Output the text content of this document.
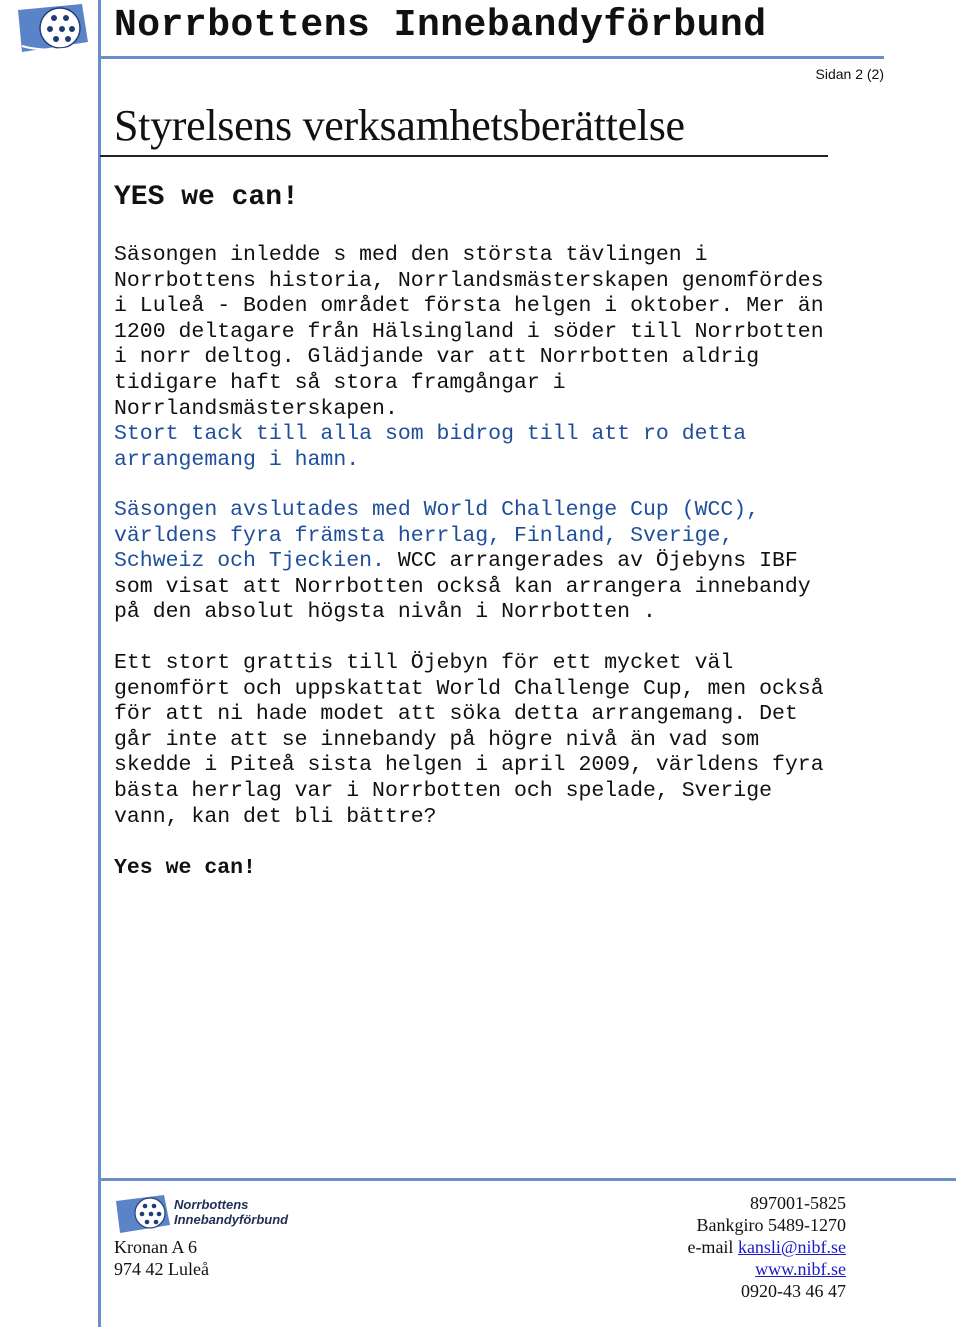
Norrbottens Innebandyförbund
Sidan 2 (2)
Styrelsens verksamhetsberättelse
YES we can!
Säsongen inledde s med den största tävlingen i
Norrbottens historia, Norrlandsmästerskapen genomfördes
i Luleå - Boden området första helgen i oktober. Mer än
1200 deltagare från Hälsingland i söder till Norrbotten
i norr deltog. Glädjande var att Norrbotten aldrig
tidigare haft så stora framgångar i
Norrlandsmästerskapen.
Stort tack till alla som bidrog till att ro detta
arrangemang i hamn.
Säsongen avslutades med World Challenge Cup (WCC),
världens fyra främsta herrlag, Finland, Sverige,
Schweiz och Tjeckien. WCC arrangerades av Öjebyns IBF
som visat att Norrbotten också kan arrangera innebandy
på den absolut högsta nivån i Norrbotten .
Ett stort grattis till Öjebyn för ett mycket väl
genomfört och uppskattat World Challenge Cup, men också
för att ni hade modet att söka detta arrangemang. Det
går inte att se innebandy på högre nivå än vad som
skedde i Piteå sista helgen i april 2009, världens fyra
bästa herrlag var i Norrbotten och spelade, Sverige
vann, kan det bli bättre?
Yes we can!
Norrbottens
Innebandyförbund
Kronan A 6
974 42 Luleå
897001-5825
Bankgiro 5489-1270
e-mail kansli@nibf.se
www.nibf.se
0920-43 46 47
